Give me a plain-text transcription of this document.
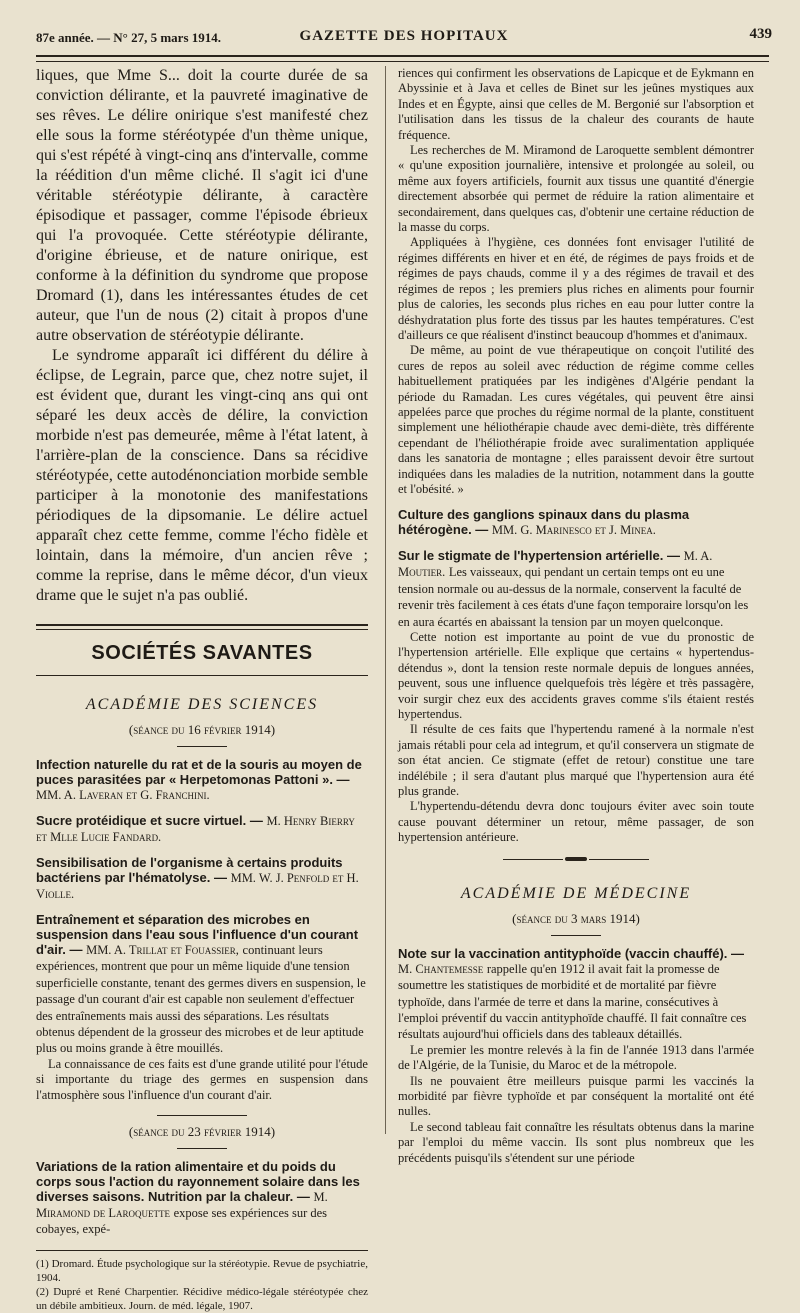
87e année. — N° 27, 5 mars 1914.	GAZETTE DES HOPITAUX	439

liques, que Mme S... doit la courte durée de sa conviction délirante, et la pauvreté imaginative de ses rêves. Le délire onirique s'est manifesté chez elle sous la forme stéréotypée d'un thème unique, qui s'est répété à vingt-cinq ans d'intervalle, comme la réédition d'un même cliché. Il s'agit ici d'une véritable stéréotypie délirante, à caractère épisodique et passager, comme l'épisode ébrieux qui l'a provoquée. Cette stéréotypie délirante, d'origine ébrieuse, et de nature onirique, est conforme à la définition du syndrome que propose Dromard (1), dans les intéressantes études de cet auteur, que l'un de nous (2) citait à propos d'une autre observation de stéréotypie délirante.

Le syndrome apparaît ici différent du délire à éclipse, de Legrain, parce que, chez notre sujet, il est évident que, durant les vingt-cinq ans qui ont séparé les deux accès de délire, la conviction morbide n'est pas demeurée, même à l'état latent, à l'arrière-plan de la conscience. Dans sa récidive stéréotypée, cette autodénonciation morbide semble participer à la monotonie des manifestations périodiques de la dipsomanie. Le délire actuel apparaît chez cette femme, comme l'écho fidèle et lointain, dans la mémoire, d'un ancien rêve ; comme la reprise, dans le même décor, d'un vieux drame que le sujet n'a pas oublié.

SOCIÉTÉS SAVANTES
ACADÉMIE DES SCIENCES
(séance du 16 février 1914)
Infection naturelle du rat et de la souris au moyen de puces parasitées par « Herpetomonas Pattoni ». — MM. A. Laveran et G. Franchini.
Sucre protéidique et sucre virtuel. — M. Henry Bierry et Mlle Lucie Fandard.
Sensibilisation de l'organisme à certains produits bactériens par l'hématolyse. — MM. W. J. Penfold et H. Violle.
Entraînement et séparation des microbes en suspension dans l'eau sous l'influence d'un courant d'air. — MM. A. Trillat et Fouassier, continuant leurs expériences, montrent que pour un même liquide d'une tension superficielle constante, tenant des germes divers en suspension, le passage d'un courant d'air est capable non seulement d'effectuer des entraînements mais aussi des séparations. Les résultats obtenus dépendent de la grosseur des microbes et de leur aptitude plus ou moins grande à être mouillés.

La connaissance de ces faits est d'une grande utilité pour l'étude si importante du triage des germes en suspension dans l'atmosphère sous l'influence d'un courant d'air.

(séance du 23 février 1914)
Variations de la ration alimentaire et du poids du corps sous l'action du rayonnement solaire dans les diverses saisons. Nutrition par la chaleur. — M. Miramond de Laroquette expose ses expériences sur des cobayes, expé-

(1) Dromard. Étude psychologique sur la stéréotypie. Revue de psychiatrie, 1904.

(2) Dupré et René Charpentier. Récidive médico-légale stéréotypée chez un débile ambitieux. Journ. de méd. légale, 1907.

riences qui confirment les observations de Lapicque et de Eykmann en Abyssinie et à Java et celles de Binet sur les jeûnes mystiques aux Indes et en Égypte, ainsi que celles de M. Bergonié sur l'absorption et l'utilisation dans les tissus de la chaleur des courants de haute fréquence.

Les recherches de M. Miramond de Laroquette semblent démontrer « qu'une exposition journalière, intensive et prolongée au soleil, ou même aux foyers artificiels, fournit aux tissus une quantité d'énergie directement absorbée qui permet de réduire la ration alimentaire et secondairement, dans quelques cas, d'obtenir une certaine réduction de la masse du corps.

Appliquées à l'hygiène, ces données font envisager l'utilité de régimes différents en hiver et en été, de régimes de pays froids et de régimes de pays chauds, comme il y a des régimes de travail et des régimes de repos ; les premiers plus riches en aliments pour fournir plus de calories, les seconds plus riches en eau pour lutter contre la déshydratation plus forte des tissus par les hautes températures. C'est d'ailleurs ce que réalisent d'instinct beaucoup d'hommes et d'animaux.

De même, au point de vue thérapeutique on conçoit l'utilité des cures de repos au soleil avec réduction de régime comme celles habituellement pratiquées par les indigènes d'Algérie pendant la période du Ramadan. Les cures végétales, qui peuvent être ainsi appelées parce que proches du régime normal de la plante, constituent simplement une héliothérapie chaude avec demi-diète, très différente cependant de l'héliothérapie froide avec suralimentation appliquée dans les sanatoria de montagne ; elles paraissent devoir être surtout indiquées dans les maladies de la nutrition, notamment dans la goutte et l'obésité. »

Culture des ganglions spinaux dans du plasma hétérogène. — MM. G. Marinesco et J. Minea.
Sur le stigmate de l'hypertension artérielle. — M. A. Moutier. Les vaisseaux, qui pendant un certain temps ont eu une tension normale ou au-dessus de la normale, conservent la faculté de revenir très facilement à ces états d'une façon temporaire lorsqu'on les en aura écartés en abaissant la tension par un moyen quelconque.

Cette notion est importante au point de vue du pronostic de l'hypertension artérielle. Elle explique que certains « hypertendus-détendus », dont la tension reste normale depuis de longues années, peuvent, sous une influence quelquefois très légère et très passagère, voir surgir chez eux des accidents graves comme s'ils étaient restés hypertendus.

Il résulte de ces faits que l'hypertendu ramené à la normale n'est jamais rétabli pour cela ad integrum, et qu'il conservera un stigmate de son état ancien. Ce stigmate (effet de retour) constitue une tare indélébile ; il sera d'autant plus marqué que l'hypertension aura été plus grande.

L'hypertendu-détendu devra donc toujours éviter avec soin toute cause pouvant déterminer un retour, même passager, de son hypertension antérieure.

ACADÉMIE DE MÉDECINE
(séance du 3 mars 1914)
Note sur la vaccination antityphoïde (vaccin chauffé). — M. Chantemesse rappelle qu'en 1912 il avait fait la promesse de soumettre les statistiques de morbidité et de mortalité par fièvre typhoïde, dans l'armée de terre et dans la marine, consécutives à l'emploi préventif du vaccin antityphoïde chauffé. Il fait connaître ces résultats aujourd'hui officiels dans des tableaux détaillés.

Le premier les montre relevés à la fin de l'année 1913 dans l'armée de l'Algérie, de la Tunisie, du Maroc et de la métropole.

Ils ne pouvaient être meilleurs puisque parmi les vaccinés la morbidité par fièvre typhoïde et par conséquent la mortalité ont été nulles.

Le second tableau fait connaître les résultats obtenus dans la marine par l'emploi du même vaccin. Ils sont plus nombreux que les précédents puisqu'ils s'étendent sur une période
